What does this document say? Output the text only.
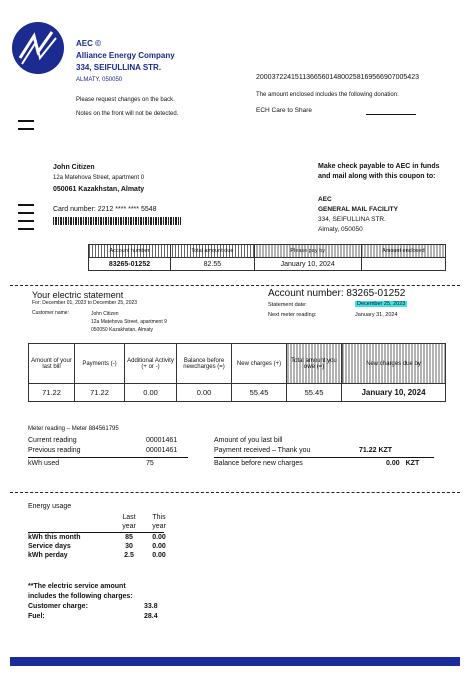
AEC ©
Alliance Energy Company
334, SEIFULLINA STR.
ALMATY, 050050	20003722415113665601480025816956690700542​3
Please request changes on the back.
Notes on the front will not be detected.
The amount enclosed includes the following donation:
ECH Care to Share
John Citizen
12a Matehova Street, apartment 0
050061 Kazakhstan, Almaty
Card number: 2212 **** **** 5548
Make check payable to AEC in funds
and mail along with this coupon to:
AEC
GENERAL MAIL FACILITY
334, SEIFULLINA STR.
Almaty, 050050
Account number	Total amount due	Please pay by	Amount enclosed
83265-01252	82.55	January 10, 2024	
Your electric statement
For: December 01, 2023 to December 25, 2023
Customer name:	John Citizen
12a Matehova Street, apartment 9
050050 Kazakhstan, Almaty
Account number: 83265-01252
Statement date:	December 25, 2023
Next meter reading:	January 31, 2024
Amount of your last bill	Payments (-)	Additional Activity (+ or -)	Balance before newcharges (=)	New charges (+)	Total amount you owe (=)	New charges due by
71.22	71.22	0.00	0.00	55.45	55.45	January 10, 2024
Meter reading – Meter 884561795
Current reading	00001461
Previous reading	00001461
kWh used	75
Amount of you last bill
Payment received – Thank you	71.22 KZT
Balance before new charges	0.00 KZT
Energy usage
Last	This
year	year
kWh this month	85	0.00
Service days	30	0.00
kWh perday	2.5	0.00
**The electric service amount
includes the following charges:
Customer charge:	33.8
Fuel:	28.4
